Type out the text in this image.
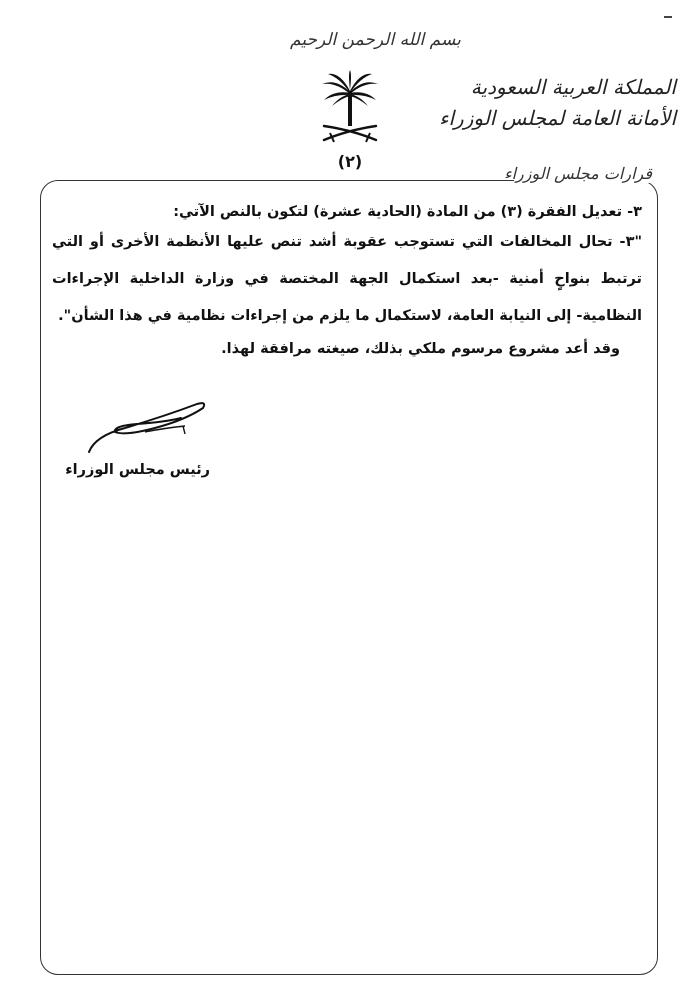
بسم الله الرحمن الرحيم
(٢)
المملكة العربية السعودية
الأمانة العامة لمجلس الوزراء
قرارات مجلس الوزراء
٣- تعديل الفقرة (٣) من المادة (الحادية عشرة) لتكون بالنص الآتي:
"٣- تحال المخالفات التي تستوجب عقوبة أشد تنص عليها الأنظمة الأخرى أو التي
ترتبط بنواحٍ أمنية -بعد استكمال الجهة المختصة في وزارة الداخلية الإجراءات
النظامية- إلى النيابة العامة، لاستكمال ما يلزم من إجراءات نظامية في هذا الشأن".
وقد أعد مشروع مرسوم ملكي بذلك، صيغته مرافقة لهذا.
رئيس مجلس الوزراء
